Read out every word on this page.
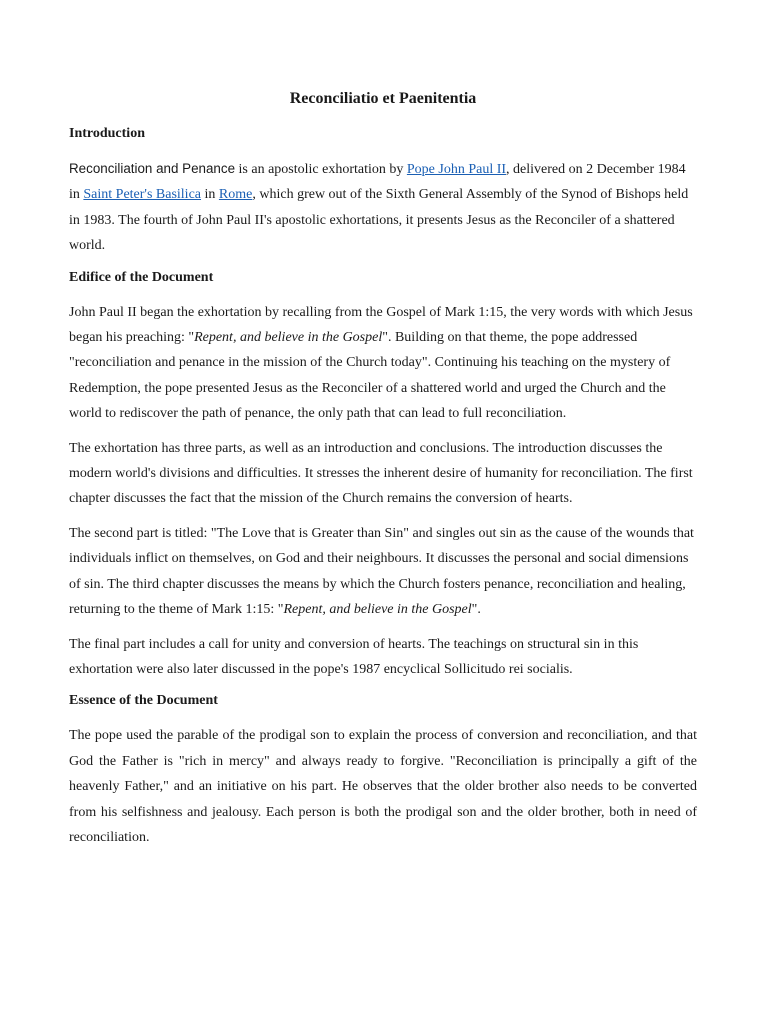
Reconciliatio et Paenitentia
Introduction

Reconciliation and Penance is an apostolic exhortation by Pope John Paul II, delivered on 2 December 1984 in Saint Peter's Basilica in Rome, which grew out of the Sixth General Assembly of the Synod of Bishops held in 1983. The fourth of John Paul II's apostolic exhortations, it presents Jesus as the Reconciler of a shattered world.

Edifice of the Document

John Paul II began the exhortation by recalling from the Gospel of Mark 1:15, the very words with which Jesus began his preaching: "Repent, and believe in the Gospel". Building on that theme, the pope addressed "reconciliation and penance in the mission of the Church today". Continuing his teaching on the mystery of Redemption, the pope presented Jesus as the Reconciler of a shattered world and urged the Church and the world to rediscover the path of penance, the only path that can lead to full reconciliation.

The exhortation has three parts, as well as an introduction and conclusions. The introduction discusses the modern world's divisions and difficulties. It stresses the inherent desire of humanity for reconciliation. The first chapter discusses the fact that the mission of the Church remains the conversion of hearts.

The second part is titled: "The Love that is Greater than Sin" and singles out sin as the cause of the wounds that individuals inflict on themselves, on God and their neighbours. It discusses the personal and social dimensions of sin. The third chapter discusses the means by which the Church fosters penance, reconciliation and healing, returning to the theme of Mark 1:15: "Repent, and believe in the Gospel".

The final part includes a call for unity and conversion of hearts. The teachings on structural sin in this exhortation were also later discussed in the pope's 1987 encyclical Sollicitudo rei socialis.

Essence of the Document

The pope used the parable of the prodigal son to explain the process of conversion and reconciliation, and that God the Father is "rich in mercy" and always ready to forgive. "Reconciliation is principally a gift of the heavenly Father," and an initiative on his part. He observes that the older brother also needs to be converted from his selfishness and jealousy. Each person is both the prodigal son and the older brother, both in need of reconciliation.
